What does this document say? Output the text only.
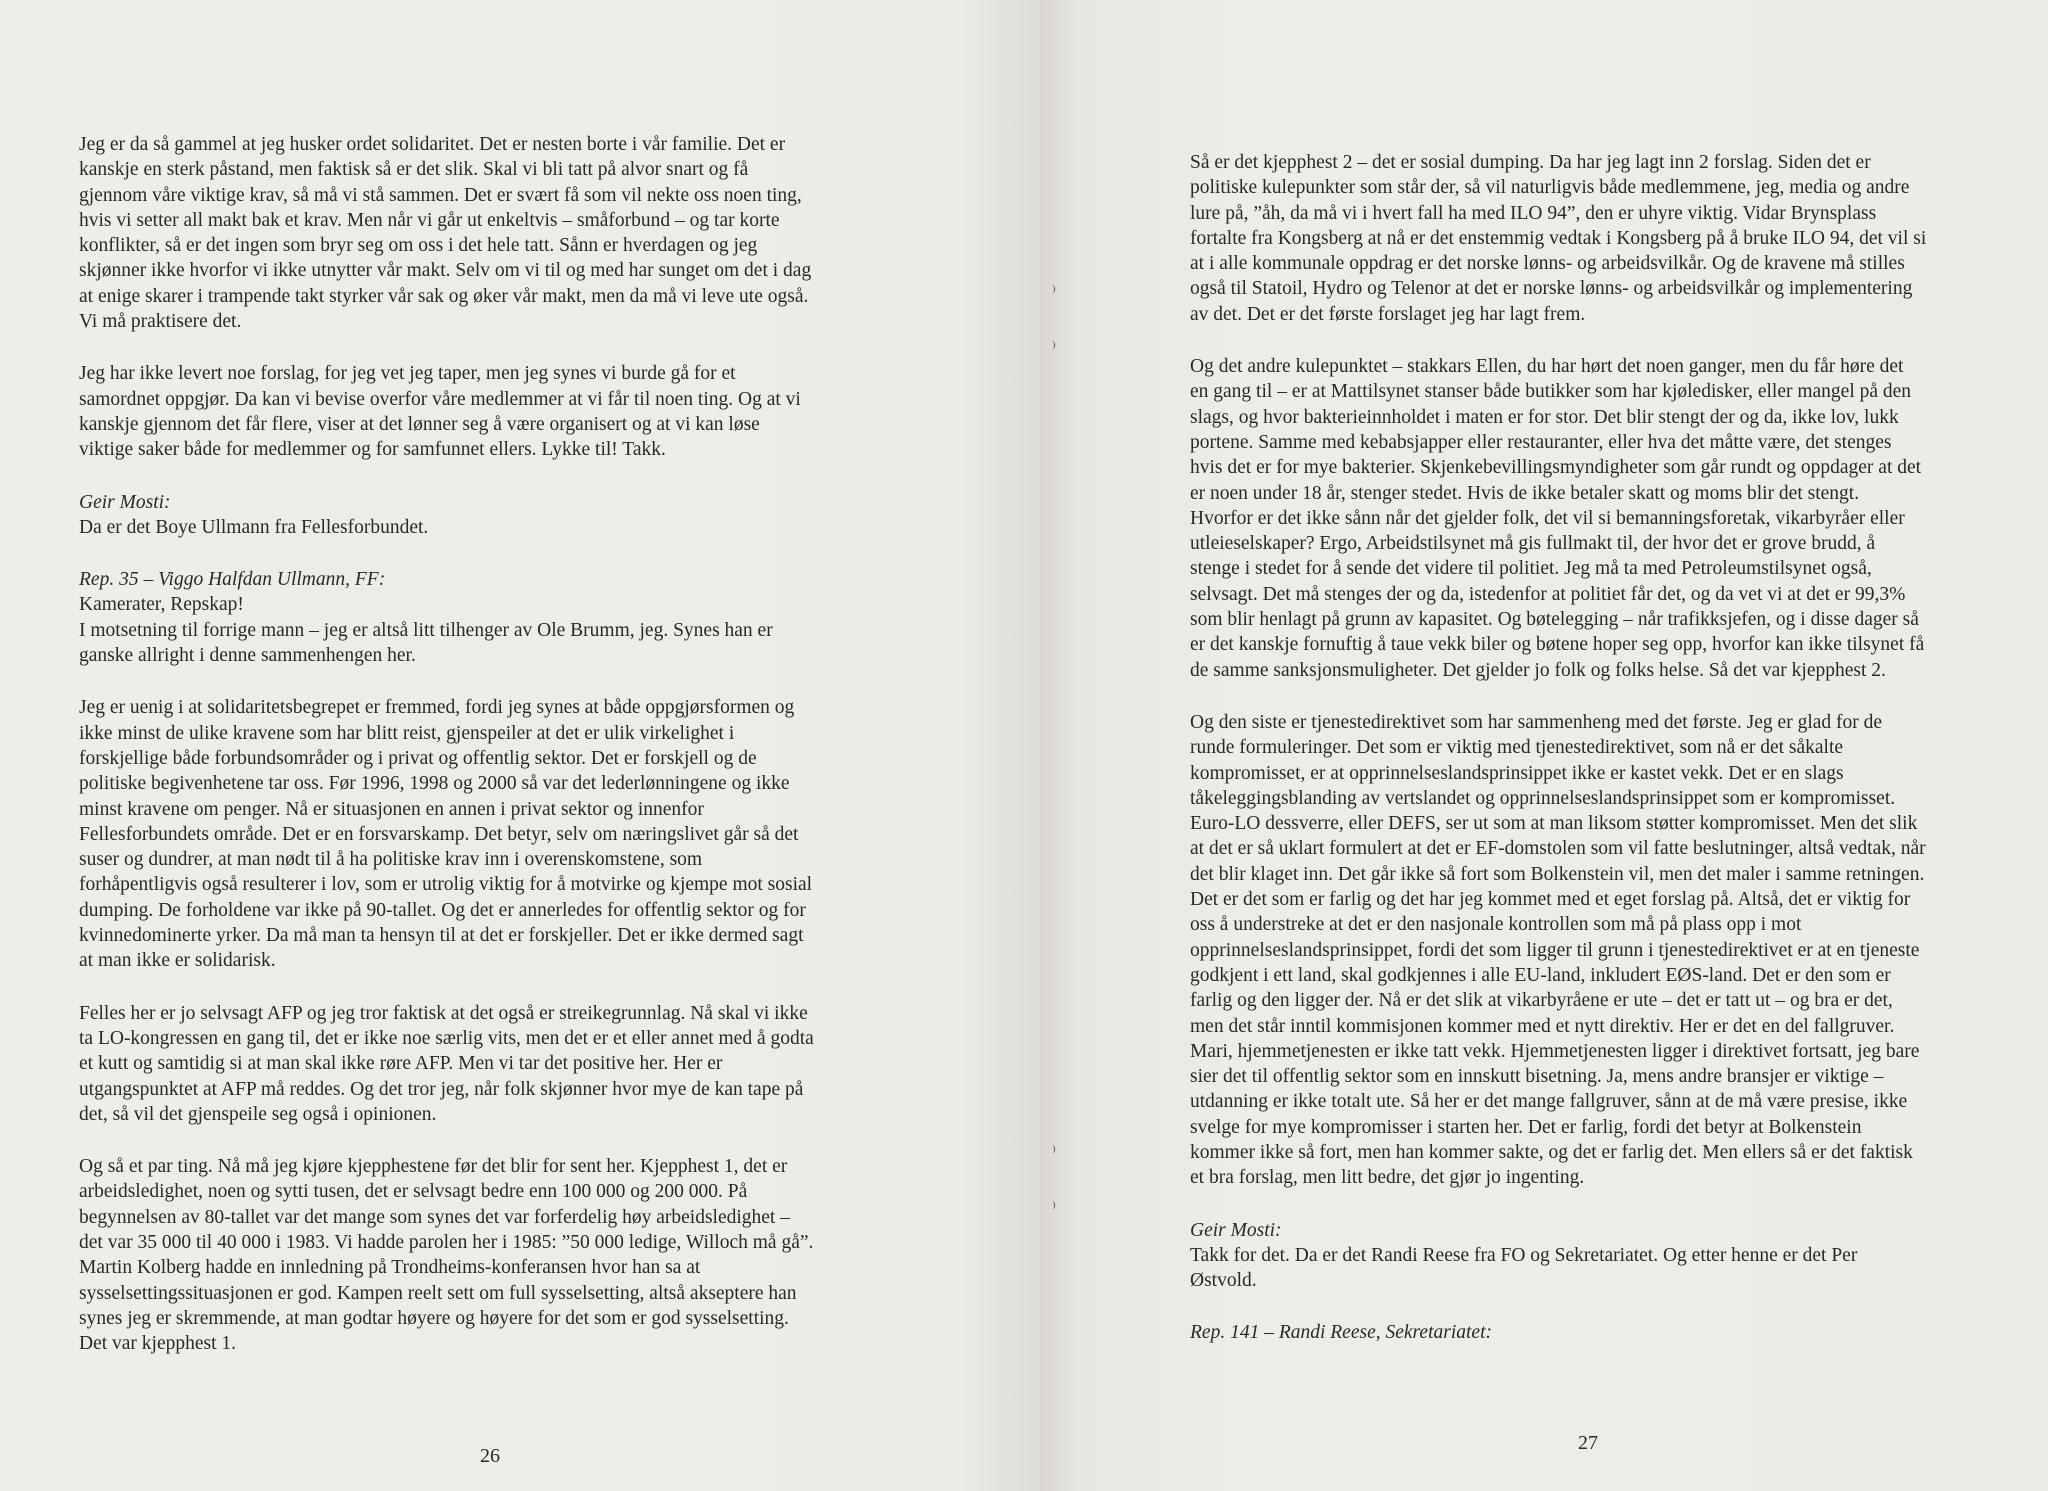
Jeg er da så gammel at jeg husker ordet solidaritet. Det er nesten borte i vår familie. Det er
kanskje en sterk påstand, men faktisk så er det slik. Skal vi bli tatt på alvor snart og få
gjennom våre viktige krav, så må vi stå sammen. Det er svært få som vil nekte oss noen ting,
hvis vi setter all makt bak et krav. Men når vi går ut enkeltvis – småforbund – og tar korte
konflikter, så er det ingen som bryr seg om oss i det hele tatt. Sånn er hverdagen og jeg
skjønner ikke hvorfor vi ikke utnytter vår makt. Selv om vi til og med har sunget om det i dag
at enige skarer i trampende takt styrker vår sak og øker vår makt, men da må vi leve ute også.
Vi må praktisere det.

Jeg har ikke levert noe forslag, for jeg vet jeg taper, men jeg synes vi burde gå for et
samordnet oppgjør. Da kan vi bevise overfor våre medlemmer at vi får til noen ting. Og at vi
kanskje gjennom det får flere, viser at det lønner seg å være organisert og at vi kan løse
viktige saker både for medlemmer og for samfunnet ellers. Lykke til! Takk.

Geir Mosti:
Da er det Boye Ullmann fra Fellesforbundet.

Rep. 35 – Viggo Halfdan Ullmann, FF:
Kamerater, Repskap!
I motsetning til forrige mann – jeg er altså litt tilhenger av Ole Brumm, jeg. Synes han er
ganske allright i denne sammenhengen her.

Jeg er uenig i at solidaritetsbegrepet er fremmed, fordi jeg synes at både oppgjørsformen og
ikke minst de ulike kravene som har blitt reist, gjenspeiler at det er ulik virkelighet i
forskjellige både forbundsområder og i privat og offentlig sektor. Det er forskjell og de
politiske begivenhetene tar oss. Før 1996, 1998 og 2000 så var det lederlønningene og ikke
minst kravene om penger. Nå er situasjonen en annen i privat sektor og innenfor
Fellesforbundets område. Det er en forsvarskamp. Det betyr, selv om næringslivet går så det
suser og dundrer, at man nødt til å ha politiske krav inn i overenskomstene, som
forhåpentligvis også resulterer i lov, som er utrolig viktig for å motvirke og kjempe mot sosial
dumping. De forholdene var ikke på 90-tallet. Og det er annerledes for offentlig sektor og for
kvinnedominerte yrker. Da må man ta hensyn til at det er forskjeller. Det er ikke dermed sagt
at man ikke er solidarisk.

Felles her er jo selvsagt AFP og jeg tror faktisk at det også er streikegrunnlag. Nå skal vi ikke
ta LO-kongressen en gang til, det er ikke noe særlig vits, men det er et eller annet med å godta
et kutt og samtidig si at man skal ikke røre AFP. Men vi tar det positive her. Her er
utgangspunktet at AFP må reddes. Og det tror jeg, når folk skjønner hvor mye de kan tape på
det, så vil det gjenspeile seg også i opinionen.

Og så et par ting. Nå må jeg kjøre kjepphestene før det blir for sent her. Kjepphest 1, det er
arbeidsledighet, noen og sytti tusen, det er selvsagt bedre enn 100 000 og 200 000. På
begynnelsen av 80-tallet var det mange som synes det var forferdelig høy arbeidsledighet –
det var 35 000 til 40 000 i 1983. Vi hadde parolen her i 1985: ”50 000 ledige, Willoch må gå”.
Martin Kolberg hadde en innledning på Trondheims-konferansen hvor han sa at
sysselsettingssituasjonen er god. Kampen reelt sett om full sysselsetting, altså akseptere han
synes jeg er skremmende, at man godtar høyere og høyere for det som er god sysselsetting.
Det var kjepphest 1.

26
⁾
⁾
⁾
⁾

Så er det kjepphest 2 – det er sosial dumping. Da har jeg lagt inn 2 forslag. Siden det er
politiske kulepunkter som står der, så vil naturligvis både medlemmene, jeg, media og andre
lure på, ”åh, da må vi i hvert fall ha med ILO 94”, den er uhyre viktig. Vidar Brynsplass
fortalte fra Kongsberg at nå er det enstemmig vedtak i Kongsberg på å bruke ILO 94, det vil si
at i alle kommunale oppdrag er det norske lønns- og arbeidsvilkår. Og de kravene må stilles
også til Statoil, Hydro og Telenor at det er norske lønns- og arbeidsvilkår og implementering
av det. Det er det første forslaget jeg har lagt frem.

Og det andre kulepunktet – stakkars Ellen, du har hørt det noen ganger, men du får høre det
en gang til – er at Mattilsynet stanser både butikker som har kjøledisker, eller mangel på den
slags, og hvor bakterieinnholdet i maten er for stor. Det blir stengt der og da, ikke lov, lukk
portene. Samme med kebabsjapper eller restauranter, eller hva det måtte være, det stenges
hvis det er for mye bakterier. Skjenkebevillingsmyndigheter som går rundt og oppdager at det
er noen under 18 år, stenger stedet. Hvis de ikke betaler skatt og moms blir det stengt.
Hvorfor er det ikke sånn når det gjelder folk, det vil si bemanningsforetak, vikarbyråer eller
utleieselskaper? Ergo, Arbeidstilsynet må gis fullmakt til, der hvor det er grove brudd, å
stenge i stedet for å sende det videre til politiet. Jeg må ta med Petroleumstilsynet også,
selvsagt. Det må stenges der og da, istedenfor at politiet får det, og da vet vi at det er 99,3%
som blir henlagt på grunn av kapasitet. Og bøtelegging – når trafikksjefen, og i disse dager så
er det kanskje fornuftig å taue vekk biler og bøtene hoper seg opp, hvorfor kan ikke tilsynet få
de samme sanksjonsmuligheter. Det gjelder jo folk og folks helse. Så det var kjepphest 2.

Og den siste er tjenestedirektivet som har sammenheng med det første. Jeg er glad for de
runde formuleringer. Det som er viktig med tjenestedirektivet, som nå er det såkalte
kompromisset, er at opprinnelseslandsprinsippet ikke er kastet vekk. Det er en slags
tåkeleggingsblanding av vertslandet og opprinnelseslandsprinsippet som er kompromisset.
Euro-LO dessverre, eller DEFS, ser ut som at man liksom støtter kompromisset. Men det slik
at det er så uklart formulert at det er EF-domstolen som vil fatte beslutninger, altså vedtak, når
det blir klaget inn. Det går ikke så fort som Bolkenstein vil, men det maler i samme retningen.
Det er det som er farlig og det har jeg kommet med et eget forslag på. Altså, det er viktig for
oss å understreke at det er den nasjonale kontrollen som må på plass opp i mot
opprinnelseslandsprinsippet, fordi det som ligger til grunn i tjenestedirektivet er at en tjeneste
godkjent i ett land, skal godkjennes i alle EU-land, inkludert EØS-land. Det er den som er
farlig og den ligger der. Nå er det slik at vikarbyråene er ute – det er tatt ut – og bra er det,
men det står inntil kommisjonen kommer med et nytt direktiv. Her er det en del fallgruver.
Mari, hjemmetjenesten er ikke tatt vekk. Hjemmetjenesten ligger i direktivet fortsatt, jeg bare
sier det til offentlig sektor som en innskutt bisetning. Ja, mens andre bransjer er viktige –
utdanning er ikke totalt ute. Så her er det mange fallgruver, sånn at de må være presise, ikke
svelge for mye kompromisser i starten her. Det er farlig, fordi det betyr at Bolkenstein
kommer ikke så fort, men han kommer sakte, og det er farlig det. Men ellers så er det faktisk
et bra forslag, men litt bedre, det gjør jo ingenting.

Geir Mosti:
Takk for det. Da er det Randi Reese fra FO og Sekretariatet. Og etter henne er det Per
Østvold.

Rep. 141 – Randi Reese, Sekretariatet:

27
